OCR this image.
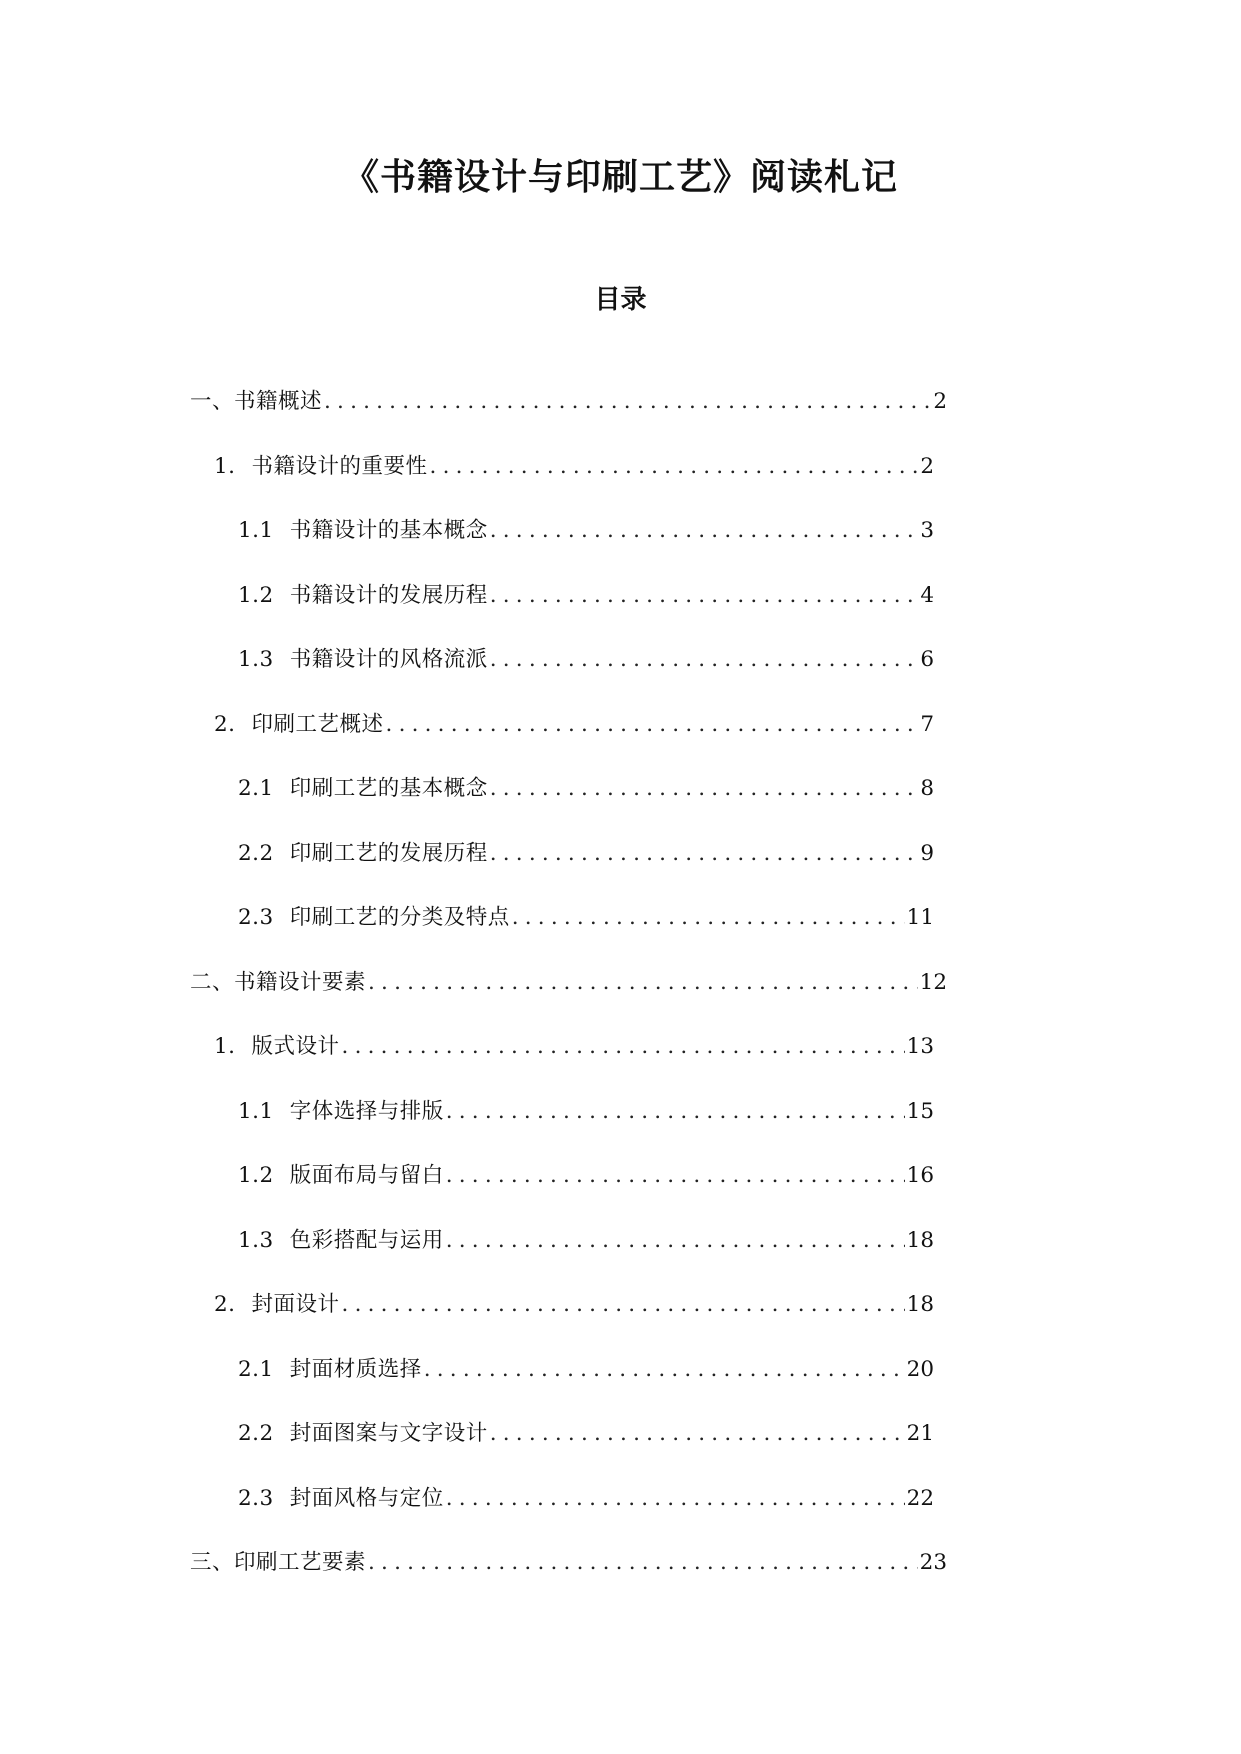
《书籍设计与印刷工艺》阅读札记
目录
一、书籍概述 .....	2
1. 书籍设计的重要性 .....	2
1.1 书籍设计的基本概念 .....	3
1.2 书籍设计的发展历程 .....	4
1.3 书籍设计的风格流派 .....	6
2. 印刷工艺概述 .....	7
2.1 印刷工艺的基本概念 .....	8
2.2 印刷工艺的发展历程 .....	9
2.3 印刷工艺的分类及特点 .....	11
二、书籍设计要素 .....	12
1. 版式设计 .....	13
1.1 字体选择与排版 .....	15
1.2 版面布局与留白 .....	16
1.3 色彩搭配与运用 .....	18
2. 封面设计 .....	18
2.1 封面材质选择 .....	20
2.2 封面图案与文字设计 .....	21
2.3 封面风格与定位 .....	22
三、印刷工艺要素 .....	23
